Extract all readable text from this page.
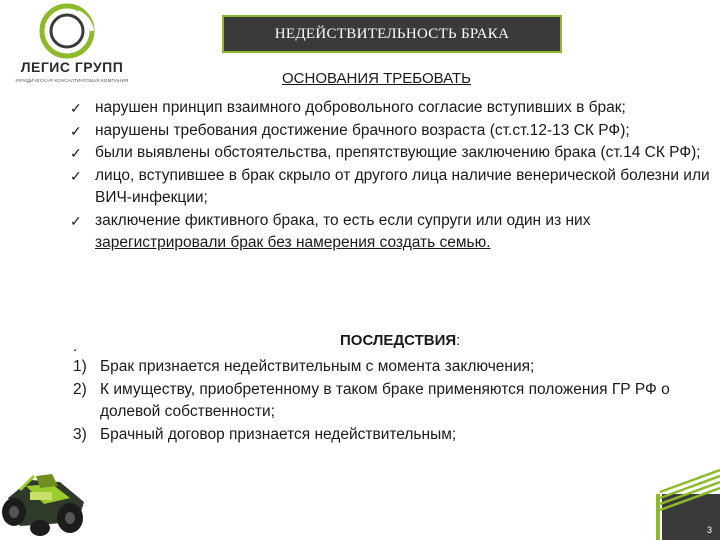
ЛЕГИС ГРУПП
ЮРИДИЧЕСКАЯ КОНСАЛТИНГОВАЯ КОМПАНИЯ
НЕДЕЙСТВИТЕЛЬНОСТЬ БРАКА
ОСНОВАНИЯ ТРЕБОВАТЬ
✓ нарушен принцип взаимного добровольного согласие вступивших в брак;
✓ нарушены требования достижение брачного возраста (ст.ст.12-13 СК РФ);
✓ были выявлены обстоятельства, препятствующие заключению брака (ст.14 СК РФ);
✓ лицо, вступившее в брак скрыло от другого лица наличие венерической болезни или ВИЧ-инфекции;
✓ заключение фиктивного брака, то есть если супруги или один из них зарегистрировали брак без намерения создать семью.
.	ПОСЛЕДСТВИЯ:
1) Брак признается недействительным с момента заключения;
2) К имуществу, приобретенному в таком браке применяются положения ГР РФ о долевой собственности;
3) Брачный договор признается недействительным;
3
